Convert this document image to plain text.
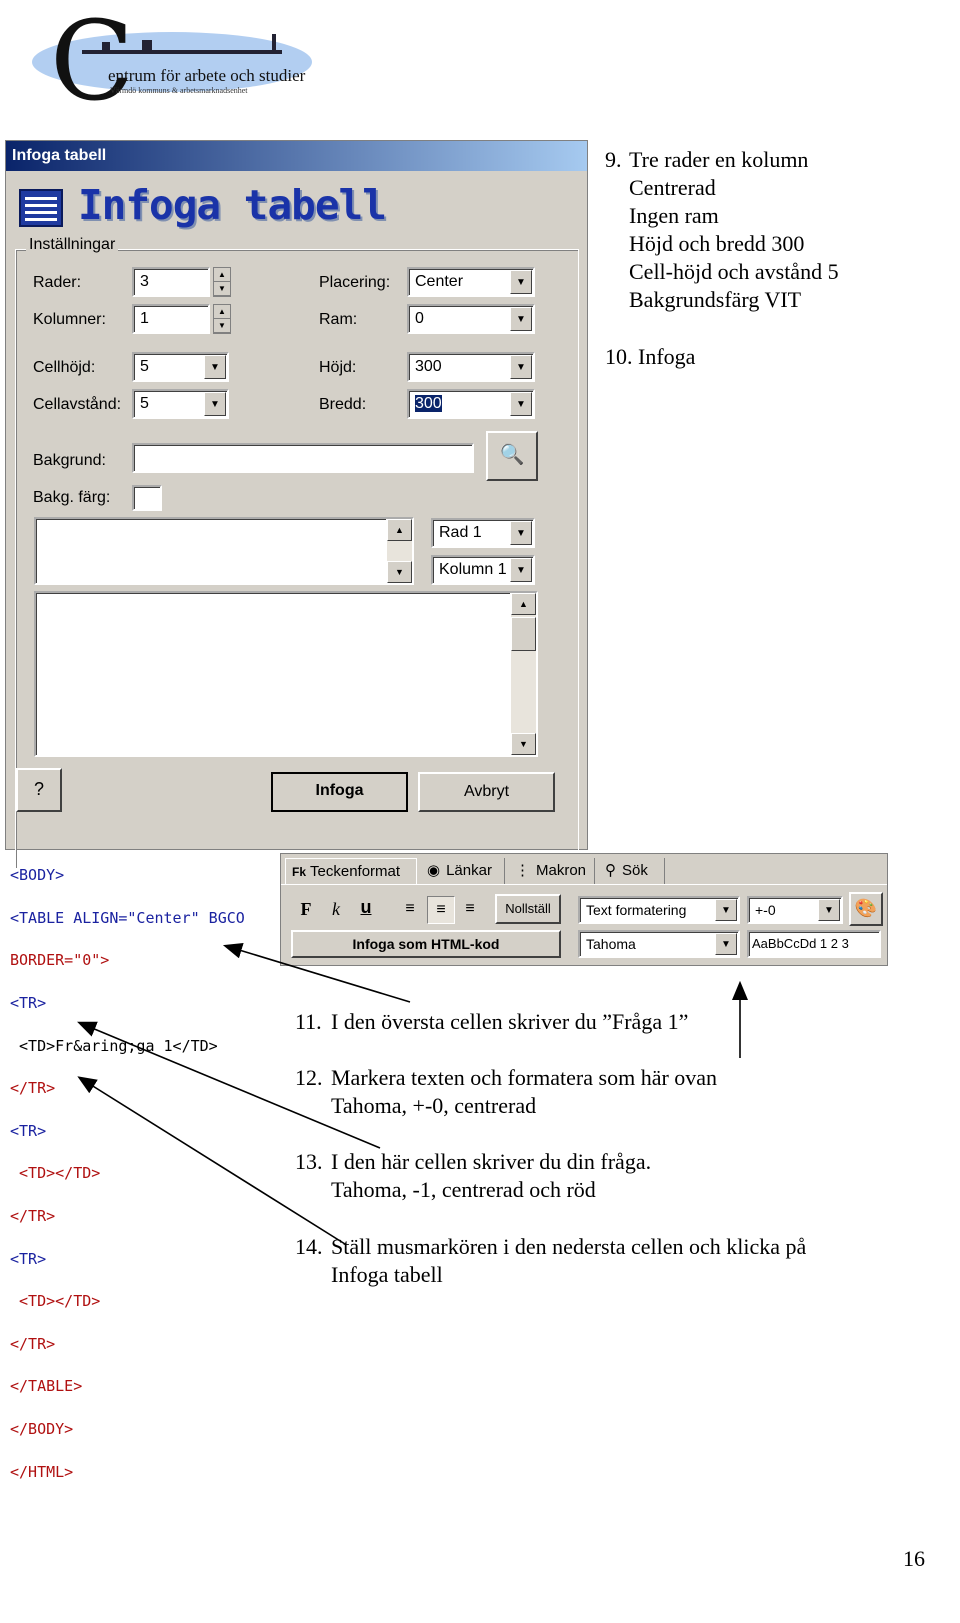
C
entrum för arbete och studier
Värmdö kommuns & arbetsmarknadsenhet
Infoga tabell
Infoga tabell
Inställningar
Rader:	3	▲
▼
Kolumner:	1	▲
▼
Placering:	Center	▼
Ram:	0	▼
Cellhöjd:	5	▼
Cellavstånd:	5	▼
Höjd:	300	▼
Bredd:	300	▼
Bakgrund:	🔍
Bakg. färg:
▲
▼
Rad 1	▼
Kolumn 1 ▼
▲
▼
?	Infoga	Avbryt
9. Tre rader en kolumn
Centrerad
Ingen ram
Höjd och bredd 300
Cell-höjd och avstånd 5
Bakgrundsfärg VIT
10. Infoga

<BODY>

<TABLE ALIGN="Center" BGCO

BORDER="0">

<TR>

<TD>Fr&aring;ga 1</TD>

</TR>

<TR>

<TD></TD>

</TR>

<TR>

<TD></TD>

</TR>

</TABLE>

</BODY>

</HTML>

Fk Teckenformat	◉ Länkar	⋮ Makron	⚲ Sök
F	k	u	≡	≡	≡	Nollställ	Text formatering	▼	+-0	▼	🎨
Infoga som HTML-kod	Tahoma	▼	AaBbCcDd 1 2 3
11. I den översta cellen skriver du ”Fråga 1”
12. Markera texten och formatera som här ovan
Tahoma, +-0, centrerad
13. I den här cellen skriver du din fråga.
Tahoma, -1, centrerad och röd
14. Ställ musmarkören i den nedersta cellen och klicka på
Infoga tabell
16
